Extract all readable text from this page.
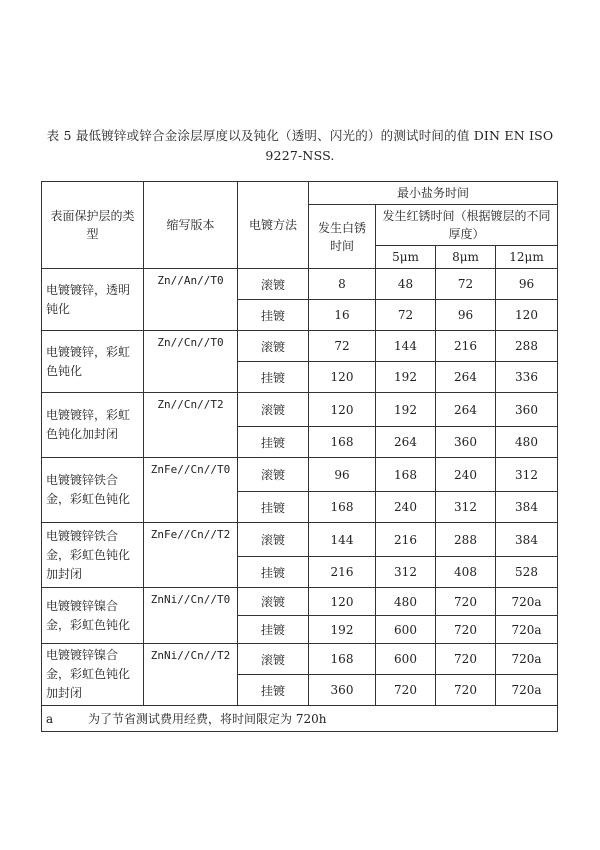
表 5 最低镀锌或锌合金涂层厚度以及钝化（透明、闪光的）的测试时间的值 DIN EN ISO
9227-NSS.
表面保护层的类型	缩写版本	电镀方法	最小盐务时间			
			发生白锈时间	发生红锈时间（根据镀层的不同厚度）		
				5μm	8μm	12μm
电镀镀锌，透明钝化	Zn//An//T0	滚镀	8	48	72	96
		挂镀	16	72	96	120
电镀镀锌，彩虹色钝化	Zn//Cn//T0	滚镀	72	144	216	288
		挂镀	120	192	264	336
电镀镀锌，彩虹色钝化加封闭	Zn//Cn//T2	滚镀	120	192	264	360
		挂镀	168	264	360	480
电镀镀锌铁合金，彩虹色钝化	ZnFe//Cn//T0	滚镀	96	168	240	312
		挂镀	168	240	312	384
电镀镀锌铁合金，彩虹色钝化加封闭	ZnFe//Cn//T2	滚镀	144	216	288	384
		挂镀	216	312	408	528
电镀镀锌镍合金，彩虹色钝化	ZnNi//Cn//T0	滚镀	120	480	720	720a
		挂镀	192	600	720	720a
电镀镀锌镍合金，彩虹色钝化加封闭	ZnNi//Cn//T2	滚镀	168	600	720	720a
		挂镀	360	720	720	720a
a 为了节省测试费用经费，将时间限定为 720h						
